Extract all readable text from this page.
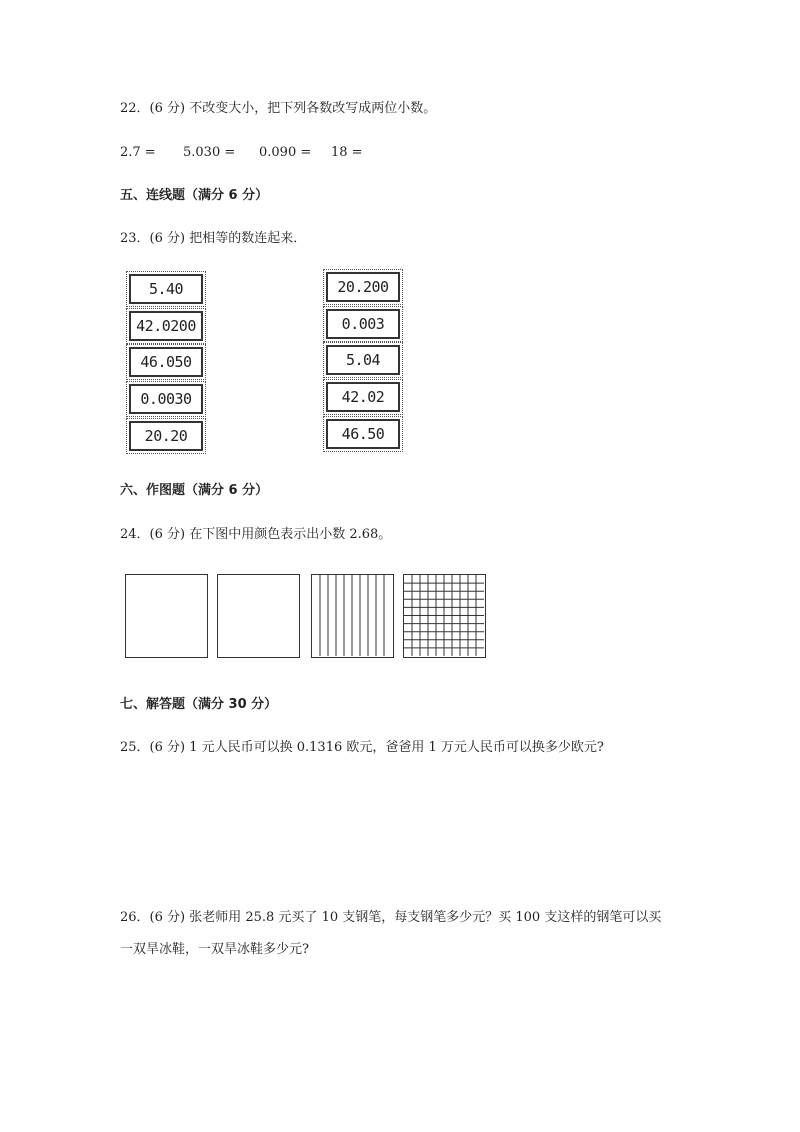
22．(6 分) 不改变大小，把下列各数改写成两位小数。
2.7 = 5.030 = 0.090 = 18 =
五、连线题（满分 6 分）
23．(6 分) 把相等的数连起来．
5.40
42.0200
46.050
0.0030
20.20
20.200
0.003
5.04
42.02
46.50
六、作图题（满分 6 分）
24．(6 分) 在下图中用颜色表示出小数 2.68。
七、解答题（满分 30 分）
25．(6 分) 1 元人民币可以换 0.1316 欧元，爸爸用 1 万元人民币可以换多少欧元?
26．(6 分) 张老师用 25.8 元买了 10 支钢笔，每支钢笔多少元？买 100 支这样的钢笔可以买
一双旱冰鞋，一双旱冰鞋多少元?
